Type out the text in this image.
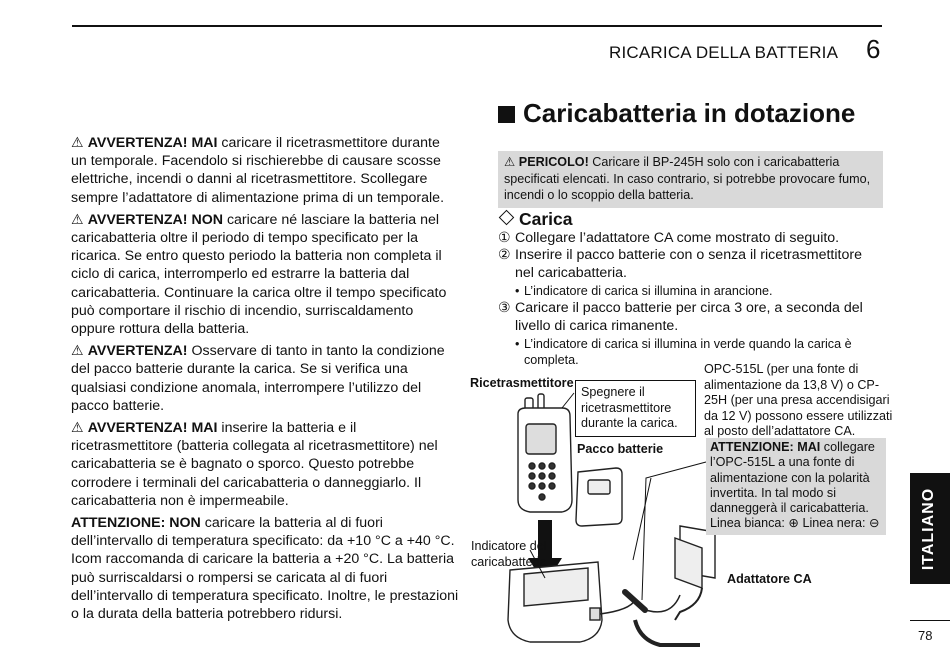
RICARICA DELLA BATTERIA 6

⚠ AVVERTENZA! MAI caricare il ricetrasmettitore durante un temporale. Facendolo si rischierebbe di causare scosse elettriche, incendi o danni al ricetrasmettitore. Scollegare sempre l’adattatore di alimentazione prima di un temporale.

⚠ AVVERTENZA! NON caricare né lasciare la batteria nel caricabatteria oltre il periodo di tempo specificato per la ricarica. Se entro questo periodo la batteria non completa il ciclo di carica, interromperlo ed estrarre la batteria dal caricabatteria. Continuare la carica oltre il tempo specificato può comportare il rischio di incendio, surriscaldamento oppure rottura della batteria.

⚠ AVVERTENZA! Osservare di tanto in tanto la condizione del pacco batterie durante la carica. Se si verifica una qualsiasi condizione anomala, interrompere l’utilizzo del pacco batterie.

⚠ AVVERTENZA! MAI inserire la batteria e il ricetrasmettitore (batteria collegata al ricetrasmettitore) nel caricabatteria se è bagnato o sporco. Questo potrebbe corrodere i terminali del caricabatteria o danneggiarlo. Il caricabatteria non è impermeabile.

ATTENZIONE: NON caricare la batteria al di fuori dell’intervallo di temperatura specificato: da +10 °C a +40 °C. Icom raccomanda di caricare la batteria a +20 °C. La batteria può surriscaldarsi o rompersi se caricata al di fuori dell’intervallo di temperatura specificato. Inoltre, le prestazioni o la durata della batteria potrebbero ridursi.

Caricabatteria in dotazione
⚠ PERICOLO! Caricare il BP-245H solo con i caricabatteria specificati elencati. In caso contrario, si potrebbe provocare fumo, incendi o lo scoppio della batteria.
Carica
① Collegare l’adattatore CA come mostrato di seguito.
② Inserire il pacco batterie con o senza il ricetrasmettitore nel caricabatteria.
• L’indicatore di carica si illumina in arancione.
③ Caricare il pacco batterie per circa 3 ore, a seconda del livello di carica rimanente.
• L’indicatore di carica si illumina in verde quando la carica è completa.
Ricetrasmettitore
Spegnere il ricetrasmettitore durante la carica.
Pacco batterie
Indicatore del caricabatteria
Adattatore CA
OPC-515L (per una fonte di alimentazione da 13,8 V) o CP-25H (per una presa accendisigari da 12 V) possono essere utilizzati al posto dell’adattatore CA.
ATTENZIONE: MAI collegare l’OPC-515L a una fonte di alimentazione con la polarità invertita. In tal modo si danneggerà il caricabatteria.
Linea bianca: ⊕ Linea nera: ⊖	ITALIANO
78
